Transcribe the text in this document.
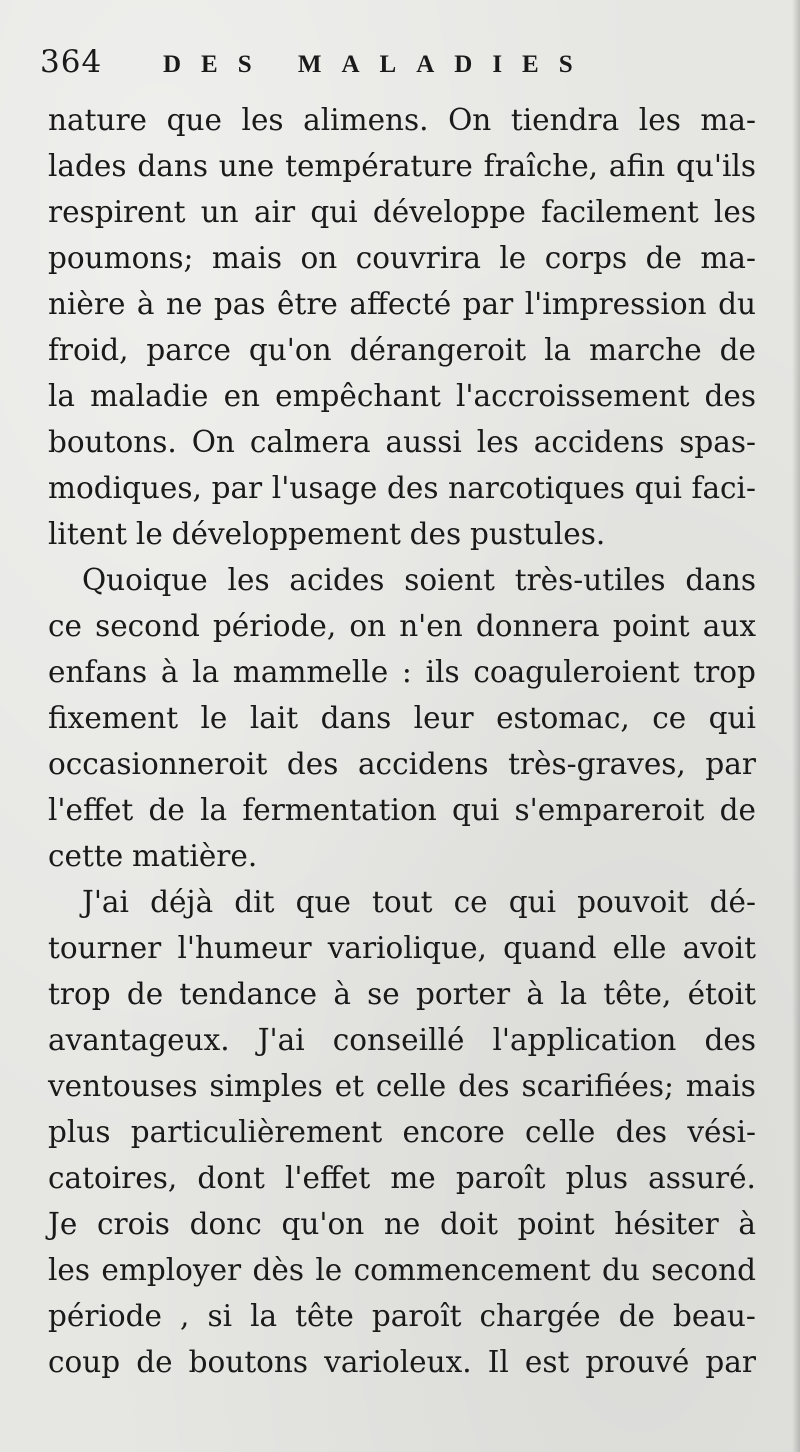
364 DES MALADIES
nature que les alimens. On tiendra les ma-
lades dans une température fraîche, afin qu'ils
respirent un air qui développe facilement les
poumons; mais on couvrira le corps de ma-
nière à ne pas être affecté par l'impression du
froid, parce qu'on dérangeroit la marche de
la maladie en empêchant l'accroissement des
boutons. On calmera aussi les accidens spas-
modiques, par l'usage des narcotiques qui faci-
litent le développement des pustules.
Quoique les acides soient très-utiles dans
ce second période, on n'en donnera point aux
enfans à la mammelle : ils coaguleroient trop
fixement le lait dans leur estomac, ce qui
occasionneroit des accidens très-graves, par
l'effet de la fermentation qui s'empareroit de
cette matière.
J'ai déjà dit que tout ce qui pouvoit dé-
tourner l'humeur variolique, quand elle avoit
trop de tendance à se porter à la tête, étoit
avantageux. J'ai conseillé l'application des
ventouses simples et celle des scarifiées; mais
plus particulièrement encore celle des vési-
catoires, dont l'effet me paroît plus assuré.
Je crois donc qu'on ne doit point hésiter à
les employer dès le commencement du second
période , si la tête paroît chargée de beau-
coup de boutons varioleux. Il est prouvé par
